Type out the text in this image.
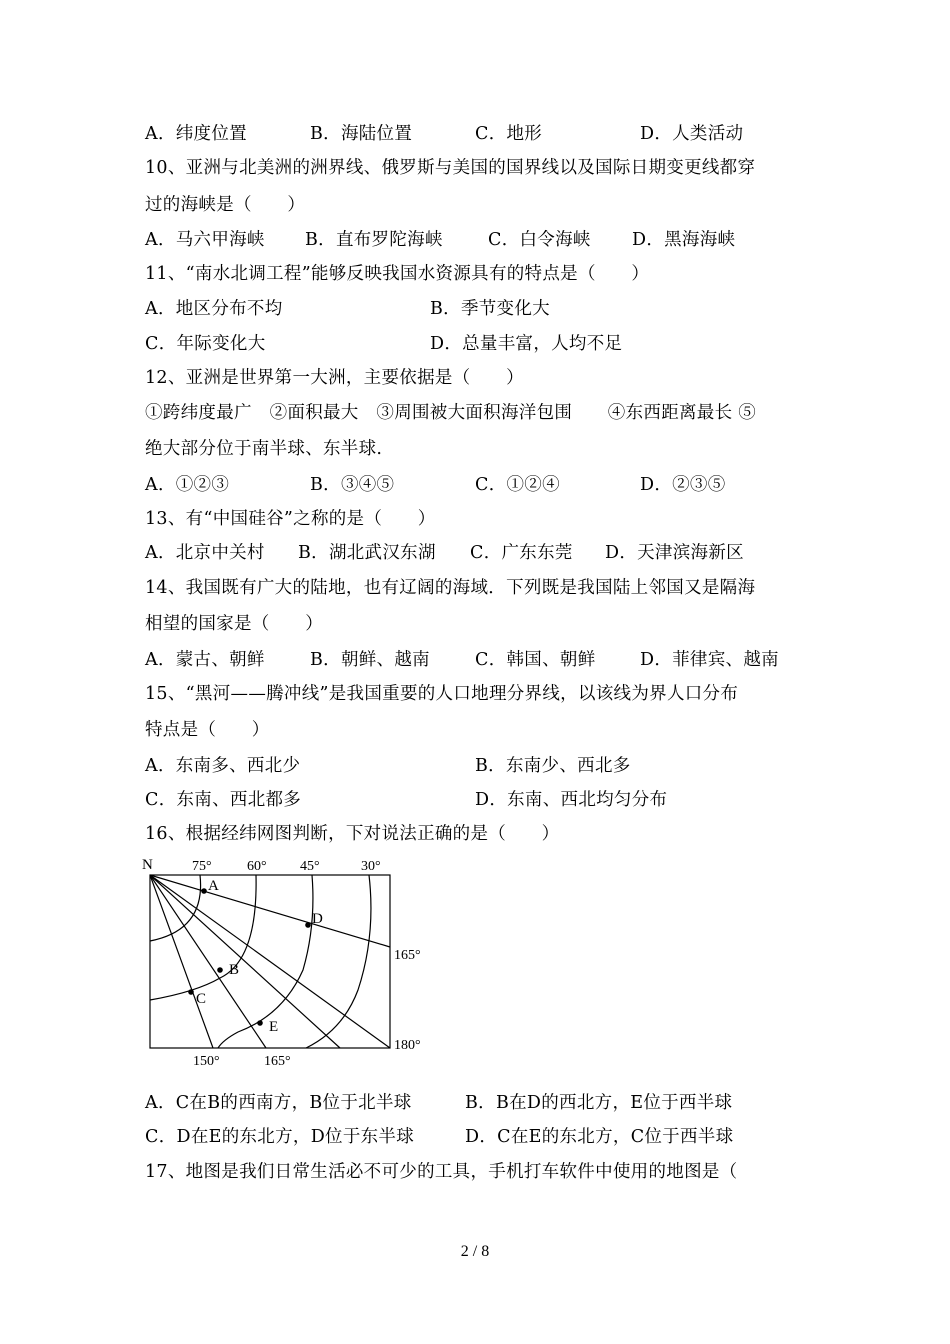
A．纬度位置	B．海陆位置	C．地形	D．人类活动
10、亚洲与北美洲的洲界线、俄罗斯与美国的国界线以及国际日期变更线都穿
过的海峡是（　　）
A．马六甲海峡 B．直布罗陀海峡	C．白令海峡 D．黑海海峡
11、“南水北调工程”能够反映我国水资源具有的特点是（　　）
A．地区分布不均	B．季节变化大
C．年际变化大	D．总量丰富，人均不足
12、亚洲是世界第一大洲，主要依据是（　　）
①跨纬度最广　②面积最大　③周围被大面积海洋包围　　④东西距离最长 ⑤
绝大部分位于南半球、东半球.
A．①②③	B．③④⑤	C．①②④	D．②③⑤
13、有“中国硅谷”之称的是（　　）
A．北京中关村 B．湖北武汉东湖 C．广东东莞 D．天津滨海新区
14、我国既有广大的陆地，也有辽阔的海域．下列既是我国陆上邻国又是隔海
相望的国家是（　　）
A．蒙古、朝鲜	B．朝鲜、越南	C．韩国、朝鲜	D．菲律宾、越南
15、“黑河——腾冲线”是我国重要的人口地理分界线，以该线为界人口分布
特点是（　　）
A．东南多、西北少	B．东南少、西北多
C．东南、西北都多	D．东南、西北均匀分布
16、根据经纬网图判断，下对说法正确的是（　　）
N
A
B
C
D
E
75°	60° 45°	30°
165°
180°
150°	165°
A．C在B的西南方，B位于北半球	B．B在D的西北方，E位于西半球
C．D在E的东北方，D位于东半球	D．C在E的东北方，C位于西半球
17、地图是我们日常生活必不可少的工具，手机打车软件中使用的地图是（
2 / 8
